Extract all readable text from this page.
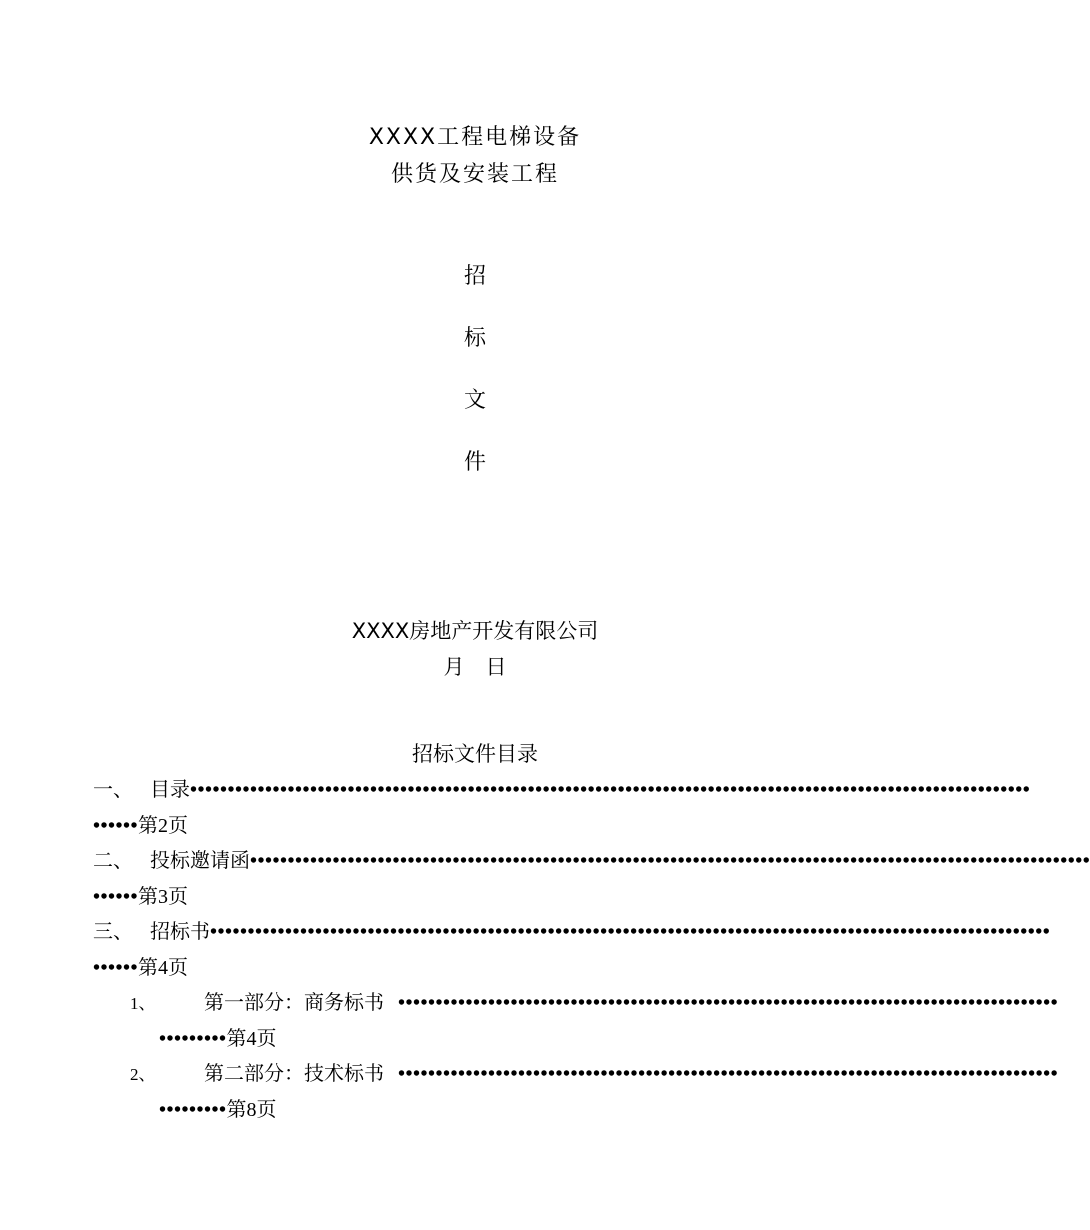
XXXX工程电梯设备
供货及安装工程
招
标
文
件
XXXX房地产开发有限公司
月　日
招标文件目录
一、 目录••••••••••••••••••••••••••••••••••••••••••••••••••••••••••••••••••••••••••••••••••••••••••••••••••••••••••••••••
••••••第2页
二、 投标邀请函••••••••••••••••••••••••••••••••••••••••••••••••••••••••••••••••••••••••••••••••••••••••••••••••••••••••••••••••
••••••第3页
三、 招标书••••••••••••••••••••••••••••••••••••••••••••••••••••••••••••••••••••••••••••••••••••••••••••••••••••••••••••••••
••••••第4页
1、 第一部分：商务标书 ••••••••••••••••••••••••••••••••••••••••••••••••••••••••••••••••••••••••••••••••••••••••
•••••••••第4页
2、 第二部分：技术标书 ••••••••••••••••••••••••••••••••••••••••••••••••••••••••••••••••••••••••••••••••••••••••
•••••••••第8页
